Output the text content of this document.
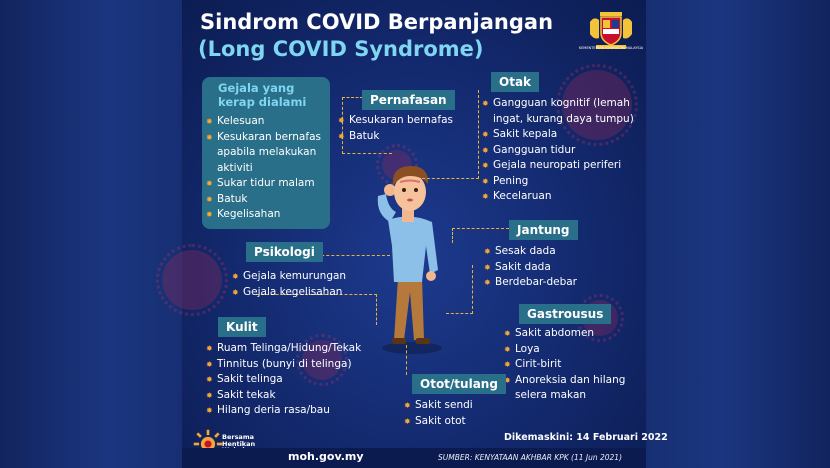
Sindrom COVID Berpanjangan
(Long COVID Syndrome)	KEMENTERIAN KESIHATAN MALAYSIA
Gejala yang kerap dialami
✸ Kelesuan
✸ Kesukaran bernafas apabila melakukan aktiviti
✸ Sukar tidur malam
✸ Batuk
✸ Kegelisahan
Pernafasan
✸ Kesukaran bernafas
✸ Batuk
Otak
✸ Gangguan kognitif (lemah ingat, kurang daya tumpu)
✸ Sakit kepala
✸ Gangguan tidur
✸ Gejala neuropati periferi
✸ Pening
✸ Kecelaruan
Psikologi
✸ Gejala kemurungan
✸ Gejala kegelisahan
Jantung
✸ Sesak dada
✸ Sakit dada
✸ Berdebar-debar
Kulit
✸ Ruam Telinga/Hidung/Tekak
✸ Tinnitus (bunyi di telinga)
✸ Sakit telinga
✸ Sakit tekak
✸ Hilang deria rasa/bau
Gastrousus
✸ Sakit abdomen
✸ Loya
✸ Cirit-birit
✸ Anoreksia dan hilang selera makan
Otot/tulang
✸ Sakit sendi
✸ Sakit otot
Bersama
Hentikan
Dikemaskini: 14 Februari 2022
moh.gov.my	SUMBER: KENYATAAN AKHBAR KPK (11 Jun 2021)
